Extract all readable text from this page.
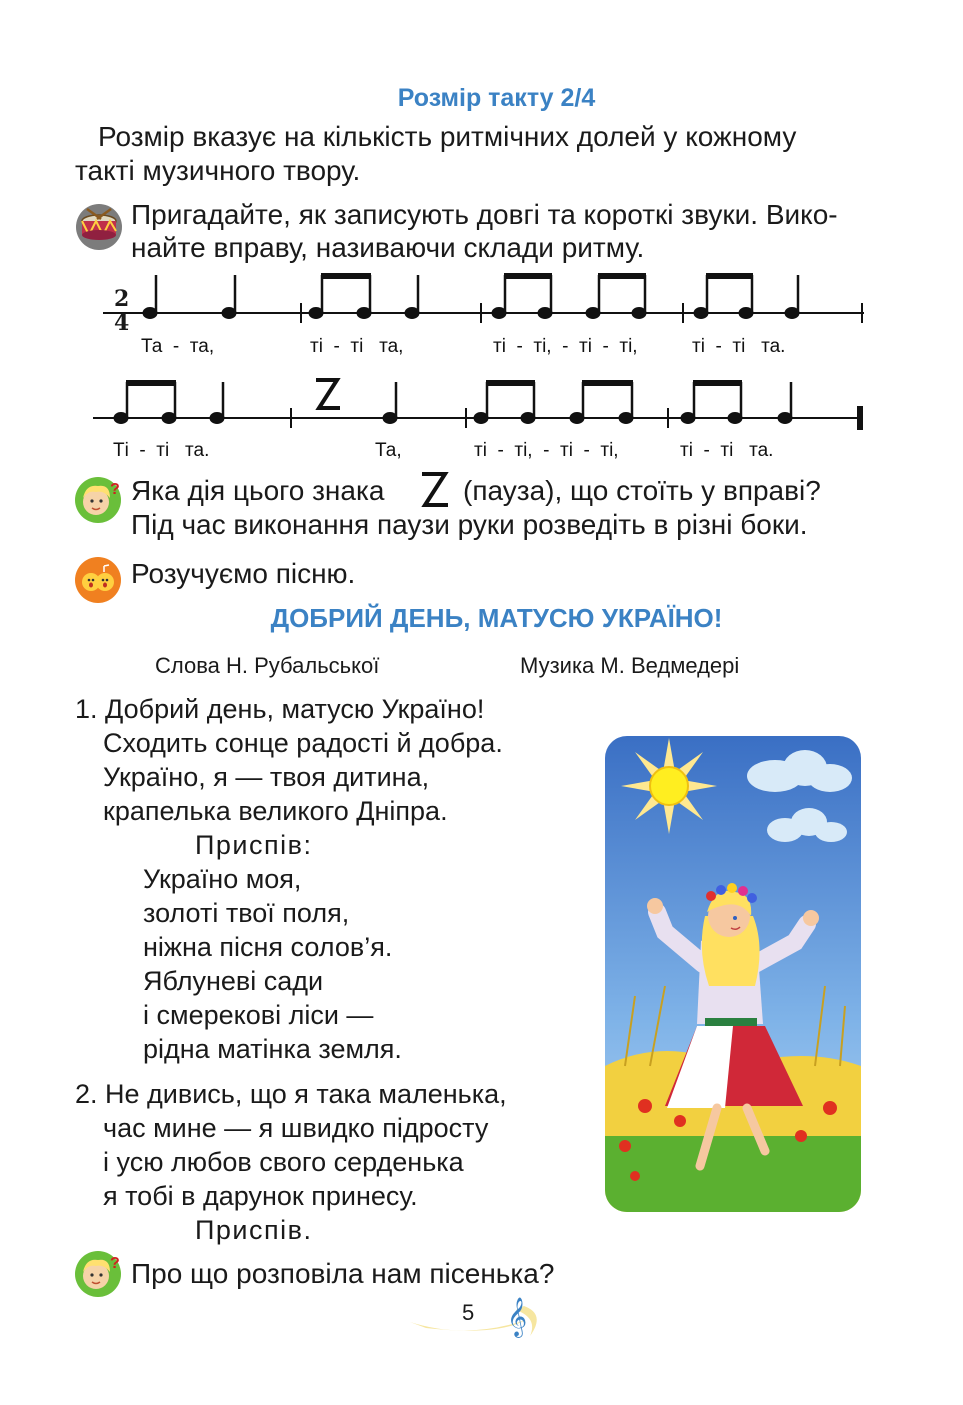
Розмір такту 2/4
Розмір вказує на кількість ритмічних долей у кожному
такті музичного твору.
Пригадайте, як записують довгі та короткі звуки. Вико-
найте вправу, називаючи склади ритму.
2
4
Та  -  та,	ті  -  ті   та,	ті  -  ті,  -  ті  -  ті,	ті  -  ті   та.
Ті  -  ті   та.	Та,	ті  -  ті,  -  ті  -  ті,	ті  -  ті   та.
? Яка дія цього знака	(пауза), що стоїть у вправі?
Під час виконання паузи руки розведіть в різні боки.
Розучуємо пісню.
ДОБРИЙ ДЕНЬ, МАТУСЮ УКРАЇНО!
Слова Н. Рубальської	Музика М. Ведмедері
1. Добрий день, матусю Україно!
Сходить сонце радості й добра.
Україно, я — твоя дитина,
крапелька великого Дніпра.
Приспів:
Україно моя,
золоті твої поля,
ніжна пісня солов’я.
Яблуневі сади
і смерекові ліси —
рідна матінка земля.
2. Не дивись, що я така маленька,
час мине — я швидко підросту
і усю любов свого серденька
я тобі в дарунок принесу.
Приспів.
? Про що розповіла нам пісенька?
5 𝄞
